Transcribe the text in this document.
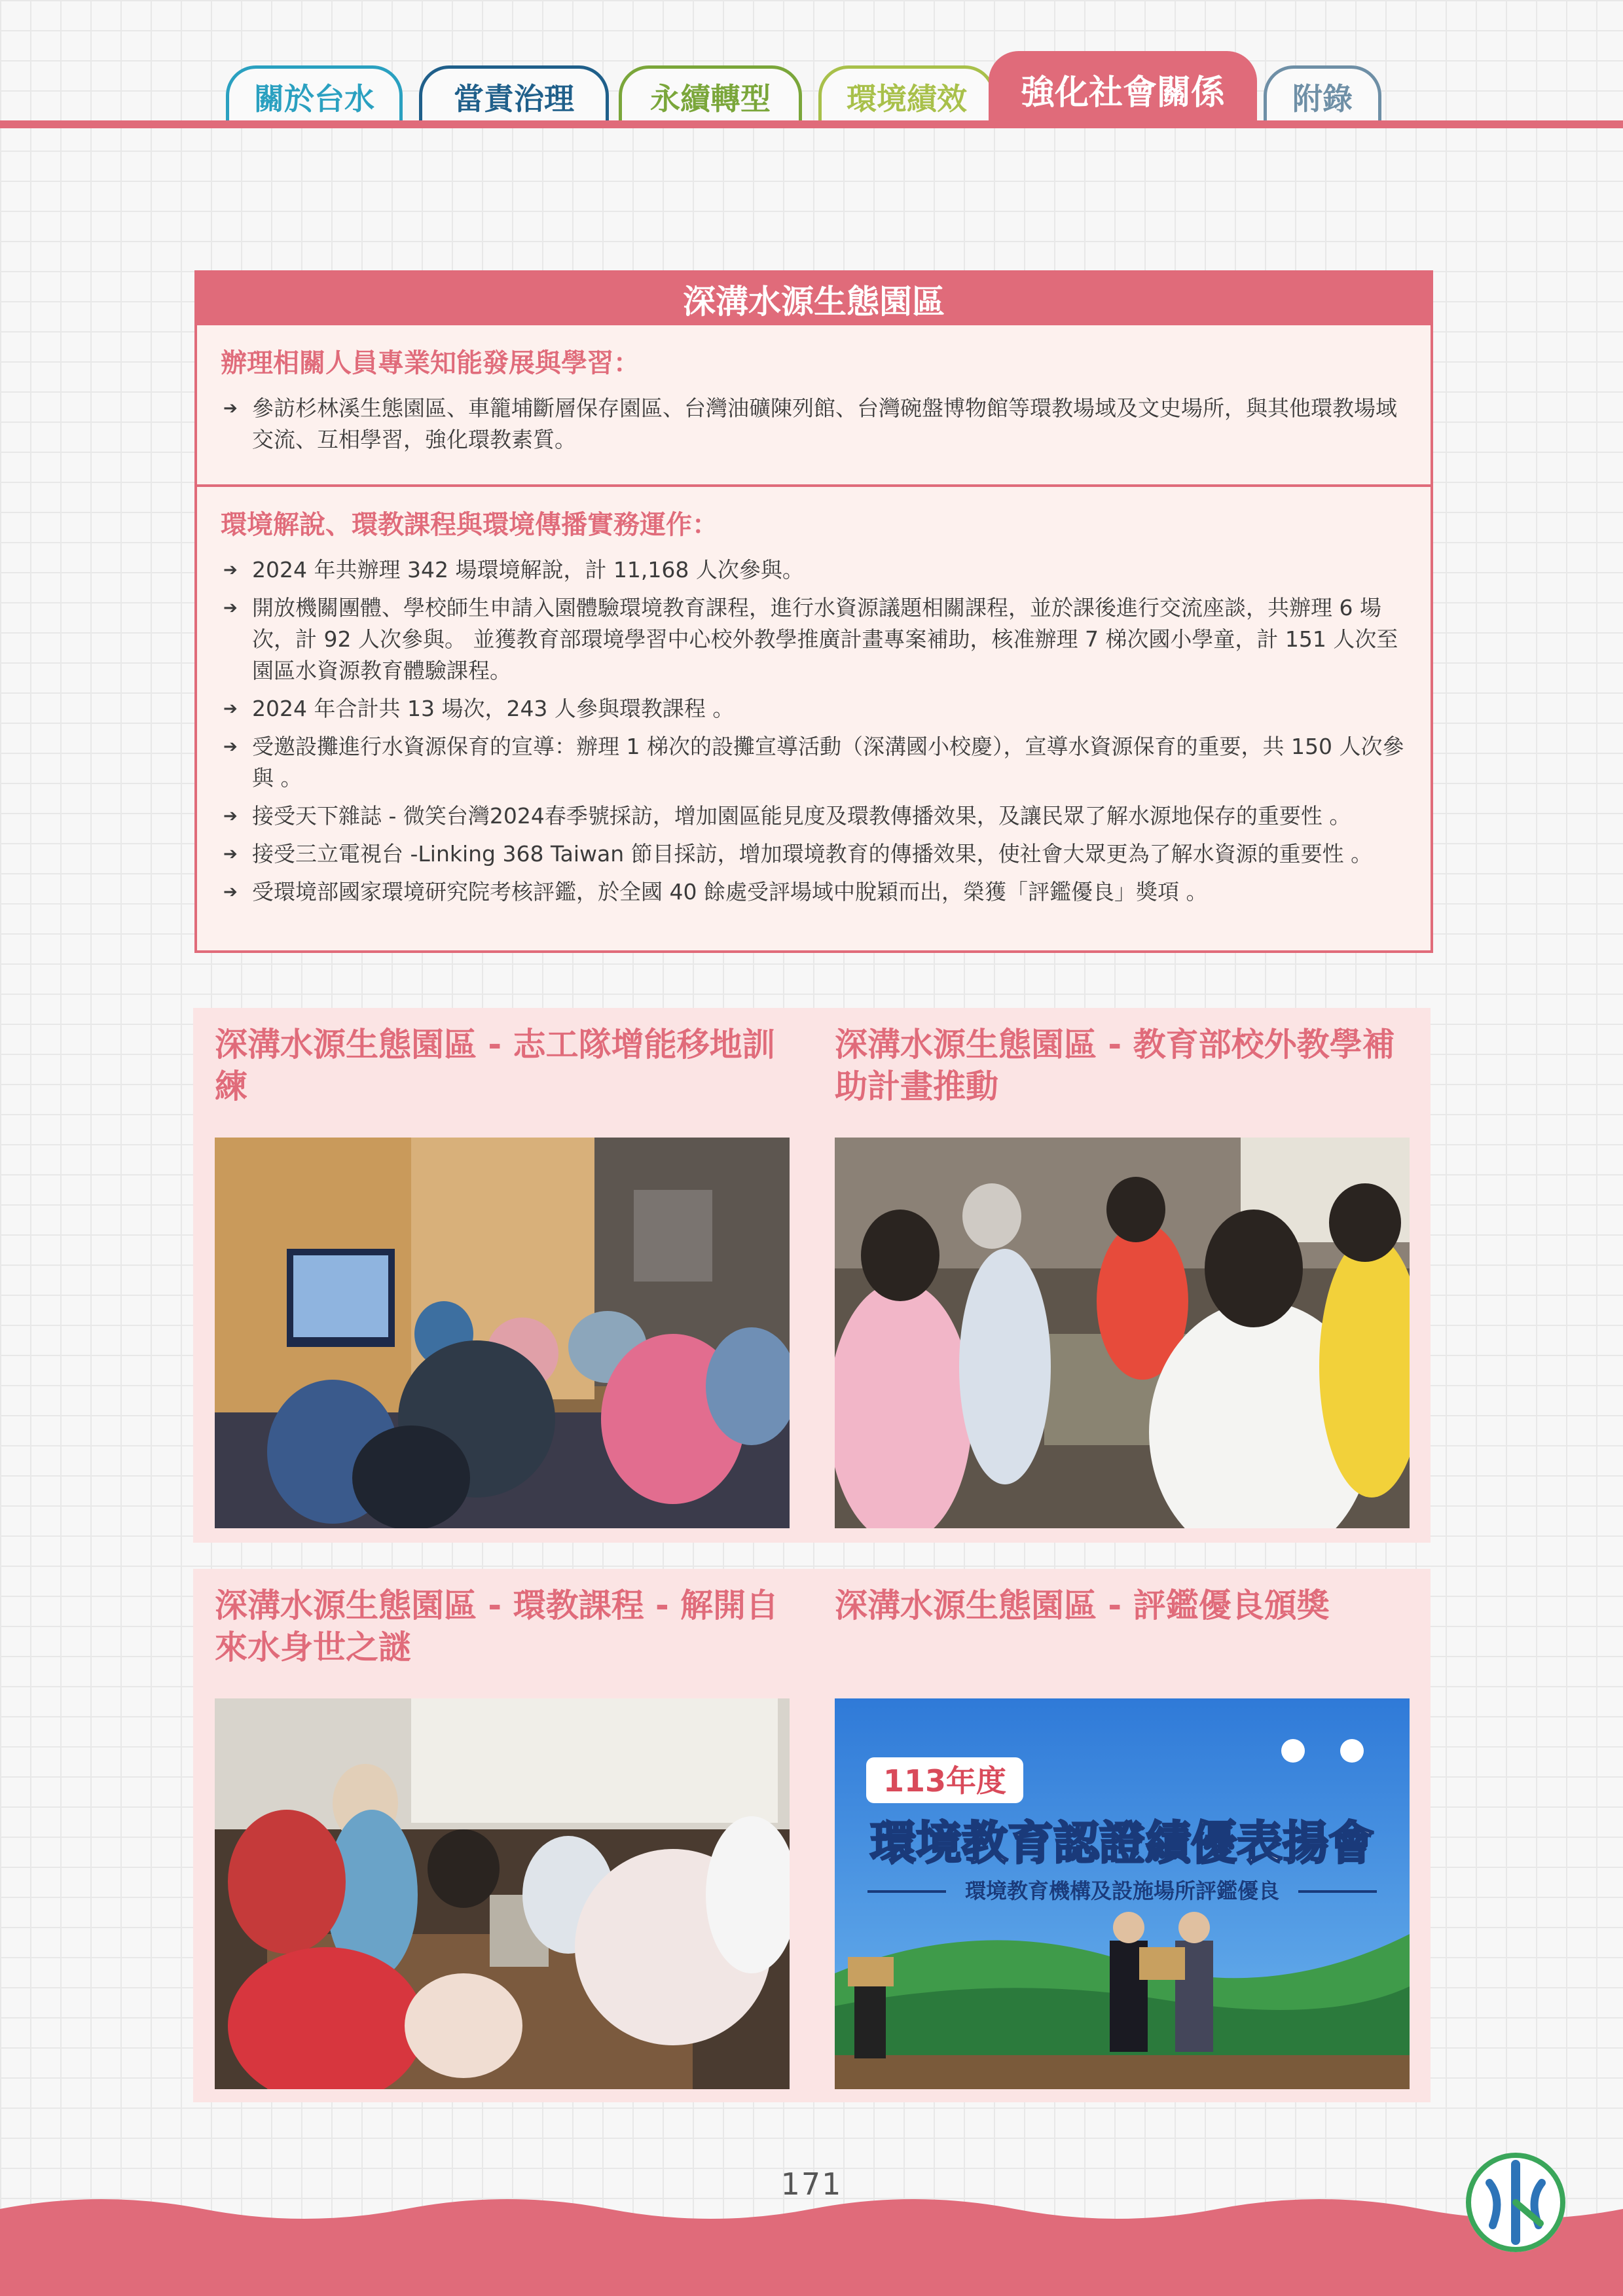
關於台水	當責治理	永續轉型	環境績效	強化社會關係	附錄
深溝水源生態園區
辦理相關人員專業知能發展與學習：
➔ 參訪杉林溪生態園區、車籠埔斷層保存園區、台灣油礦陳列館、台灣碗盤博物館等環教場域及文史場所，與其他環教場域交流、互相學習，強化環教素質。
環境解說、環教課程與環境傳播實務運作：
➔ 2024 年共辦理 342 場環境解說，計 11,168 人次參與。
➔ 開放機關團體、學校師生申請入園體驗環境教育課程，進行水資源議題相關課程，並於課後進行交流座談，共辦理 6 場次，計 92 人次參與。 並獲教育部環境學習中心校外教學推廣計畫專案補助，核准辦理 7 梯次國小學童，計 151 人次至園區水資源教育體驗課程。
➔ 2024 年合計共 13 場次，243 人參與環教課程 。
➔ 受邀設攤進行水資源保育的宣導：辦理 1 梯次的設攤宣導活動（深溝國小校慶），宣導水資源保育的重要，共 150 人次參與 。
➔ 接受天下雜誌 - 微笑台灣2024春季號採訪，增加園區能見度及環教傳播效果，及讓民眾了解水源地保存的重要性 。
➔ 接受三立電視台 -Linking 368 Taiwan 節目採訪，增加環境教育的傳播效果，使社會大眾更為了解水資源的重要性 。
➔ 受環境部國家環境研究院考核評鑑，於全國 40 餘處受評場域中脫穎而出，榮獲「評鑑優良」獎項 。
深溝水源生態園區 - 志工隊增能移地訓練
深溝水源生態園區 - 教育部校外教學補助計畫推動
深溝水源生態園區 - 環教課程 - 解開自來水身世之謎
深溝水源生態園區 - 評鑑優良頒獎
113年度
環境教育認證績優表揚會
環境教育機構及設施場所評鑑優良
171
